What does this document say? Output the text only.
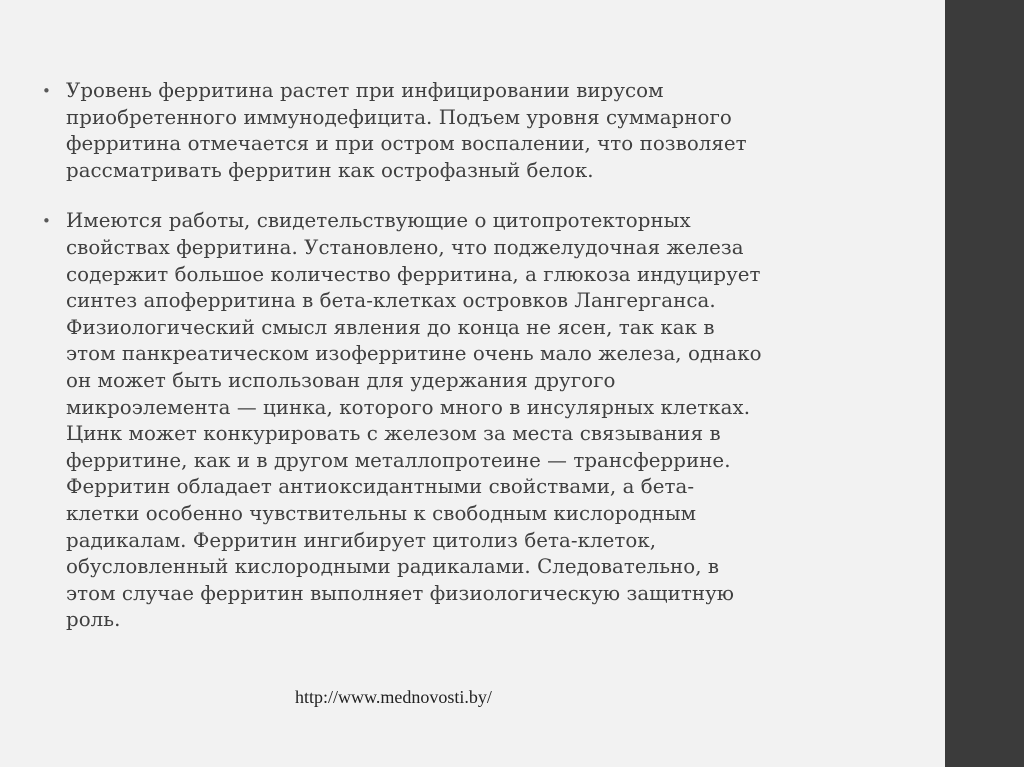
• Уровень ферритина растет при инфицировании вирусом
приобретенного иммунодефицита. Подъем уровня суммарного
ферритина отмечается и при остром воспалении, что позволяет
рассматривать ферритин как острофазный белок.
• Имеются работы, свидетельствующие о цитопротекторных
свойствах ферритина. Установлено, что поджелудочная железа
содержит большое количество ферритина, а глюкоза индуцирует
синтез апоферритина в бета-клетках островков Лангерганса.
Физиологический смысл явления до конца не ясен, так как в
этом панкреатическом изоферритине очень мало железа, однако
он может быть использован для удержания другого
микроэлемента — цинка, которого много в инсулярных клетках.
Цинк может конкурировать с железом за места связывания в
ферритине, как и в другом металлопротеине — трансферрине.
Ферритин обладает антиоксидантными свойствами, а бета-
клетки особенно чувствительны к свободным кислородным
радикалам. Ферритин ингибирует цитолиз бета-клеток,
обусловленный кислородными радикалами. Следовательно, в
этом случае ферритин выполняет физиологическую защитную
роль.
http://www.mednovosti.by/
